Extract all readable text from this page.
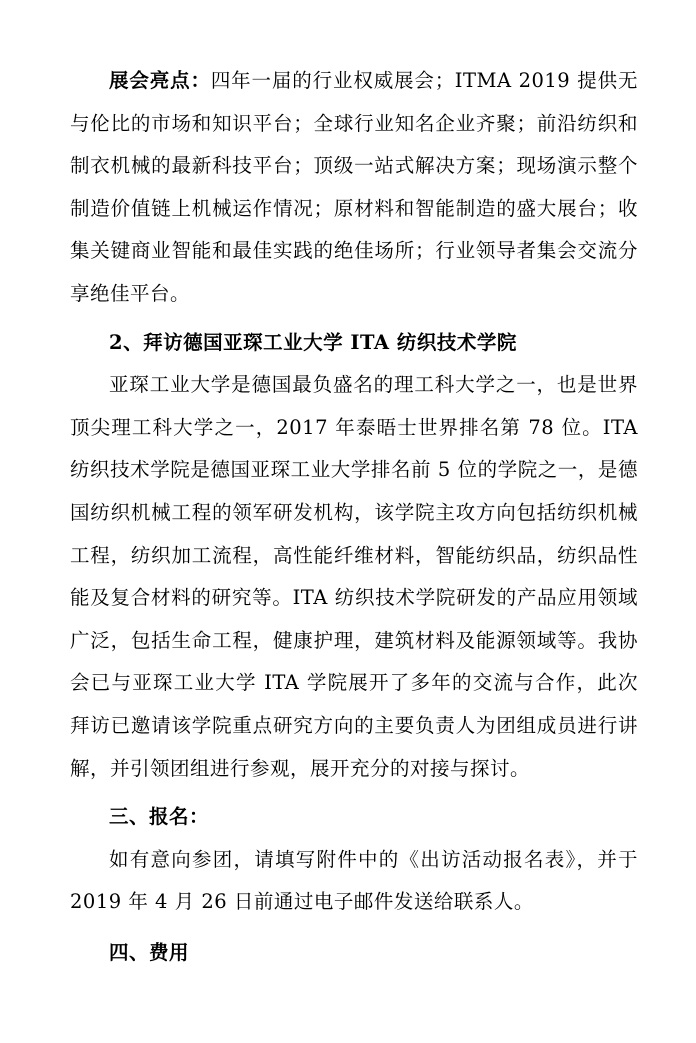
展会亮点：四年一届的行业权威展会；ITMA 2019 提供无与伦比的市场和知识平台；全球行业知名企业齐聚；前沿纺织和制衣机械的最新科技平台；顶级一站式解决方案；现场演示整个制造价值链上机械运作情况；原材料和智能制造的盛大展台；收集关键商业智能和最佳实践的绝佳场所；行业领导者集会交流分享绝佳平台。

2、拜访德国亚琛工业大学 ITA 纺织技术学院

亚琛工业大学是德国最负盛名的理工科大学之一，也是世界顶尖理工科大学之一，2017 年泰晤士世界排名第 78 位。ITA 纺织技术学院是德国亚琛工业大学排名前 5 位的学院之一，是德国纺织机械工程的领军研发机构，该学院主攻方向包括纺织机械工程，纺织加工流程，高性能纤维材料，智能纺织品，纺织品性能及复合材料的研究等。ITA 纺织技术学院研发的产品应用领域广泛，包括生命工程，健康护理，建筑材料及能源领域等。我协会已与亚琛工业大学 ITA 学院展开了多年的交流与合作，此次拜访已邀请该学院重点研究方向的主要负责人为团组成员进行讲解，并引领团组进行参观，展开充分的对接与探讨。

三、报名：

如有意向参团，请填写附件中的《出访活动报名表》，并于 2019 年 4 月 26 日前通过电子邮件发送给联系人。

四、费用
